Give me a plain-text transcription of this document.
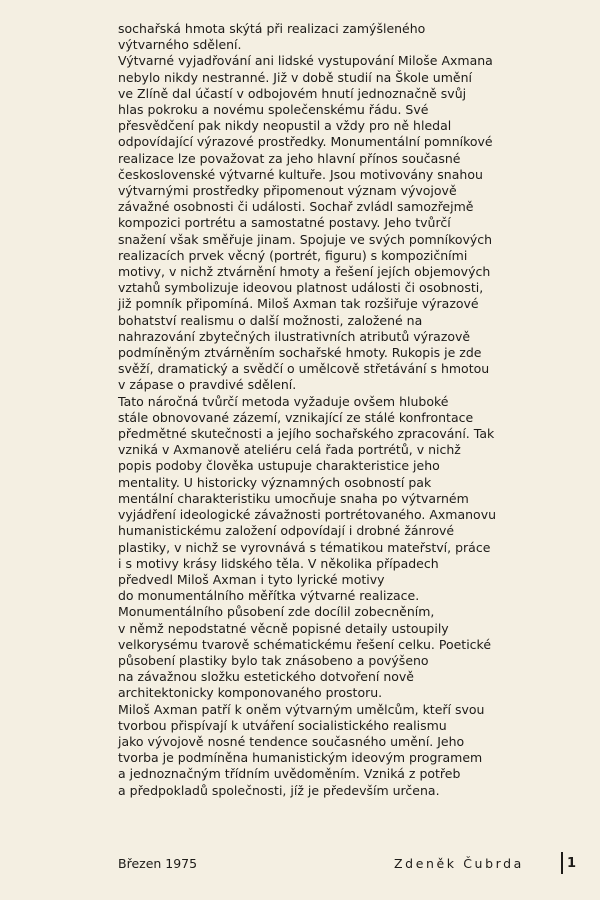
sochařská hmota skýtá při realizaci zamýšleného
výtvarného sdělení.
Výtvarné vyjadřování ani lidské vystupování Miloše Axmana
nebylo nikdy nestranné. Již v době studií na Škole umění
ve Zlíně dal účastí v odbojovém hnutí jednoznačně svůj
hlas pokroku a novému společenskému řádu. Své
přesvědčení pak nikdy neopustil a vždy pro ně hledal
odpovídající výrazové prostředky. Monumentální pomníkové
realizace lze považovat za jeho hlavní přínos současné
československé výtvarné kultuře. Jsou motivovány snahou
výtvarnými prostředky připomenout význam vývojově
závažné osobnosti či události. Sochař zvládl samozřejmě
kompozici portrétu a samostatné postavy. Jeho tvůrčí
snažení však směřuje jinam. Spojuje ve svých pomníkových
realizacích prvek věcný (portrét, figuru) s kompozičními
motivy, v nichž ztvárnění hmoty a řešení jejích objemových
vztahů symbolizuje ideovou platnost události či osobnosti,
již pomník připomíná. Miloš Axman tak rozšiřuje výrazové
bohatství realismu o další možnosti, založené na
nahrazování zbytečných ilustrativních atributů výrazově
podmíněným ztvárněním sochařské hmoty. Rukopis je zde
svěží, dramatický a svědčí o umělcově střetávání s hmotou
v zápase o pravdivé sdělení.
Tato náročná tvůrčí metoda vyžaduje ovšem hluboké
stále obnovované zázemí, vznikající ze stálé konfrontace
předmětné skutečnosti a jejího sochařského zpracování. Tak
vzniká v Axmanově ateliéru celá řada portrétů, v nichž
popis podoby člověka ustupuje charakteristice jeho
mentality. U historicky významných osobností pak
mentální charakteristiku umocňuje snaha po výtvarném
vyjádření ideologické závažnosti portrétovaného. Axmanovu
humanistickému založení odpovídají i drobné žánrové
plastiky, v nichž se vyrovnává s tématikou mateřství, práce
i s motivy krásy lidského těla. V několika případech
předvedl Miloš Axman i tyto lyrické motivy
do monumentálního měřítka výtvarné realizace.
Monumentálního působení zde docílil zobecněním,
v němž nepodstatné věcně popisné detaily ustoupily
velkorysému tvarově schématickému řešení celku. Poetické
působení plastiky bylo tak znásobeno a povýšeno
na závažnou složku estetického dotvoření nově
architektonicky komponovaného prostoru.
Miloš Axman patří k oněm výtvarným umělcům, kteří svou
tvorbou přispívají k utváření socialistického realismu
jako vývojově nosné tendence současného umění. Jeho
tvorba je podmíněna humanistickým ideovým programem
a jednoznačným třídním uvědoměním. Vzniká z potřeb
a předpokladů společnosti, jíž je především určena.
Březen 1975	Zdeněk Čubrda	1
